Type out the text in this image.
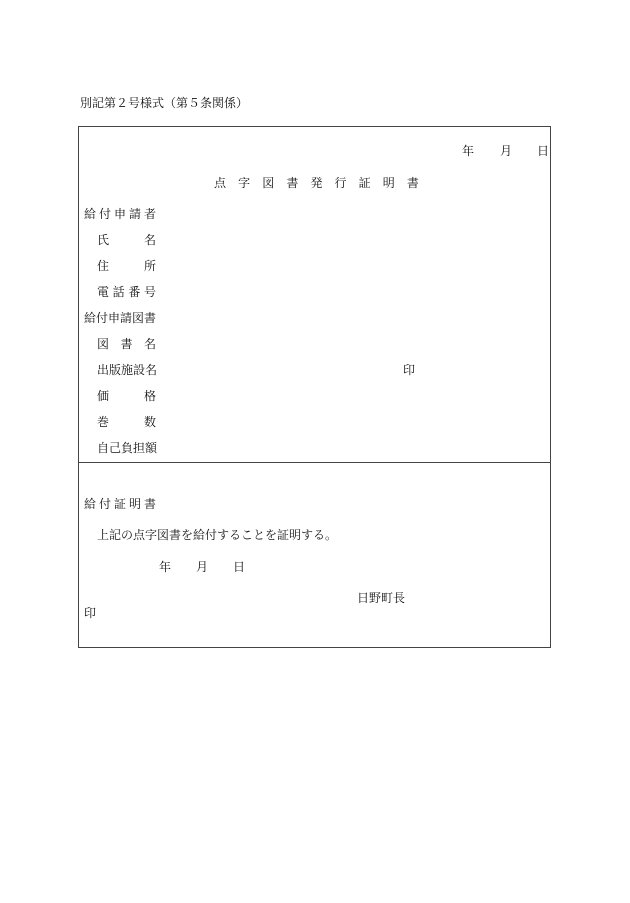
別記第２号様式（第５条関係）
年 月 日
点 字 図 書 発 行 証 明 書
給 付 申 請 者
氏	名
住	所
電 話 番 号
給付申請図書
図 書 名
出版施設名	印
価	格
巻	数
自己負担額
給 付 証 明 書
上記の点字図書を給付することを証明する。
年 月 日
日野町長
印
